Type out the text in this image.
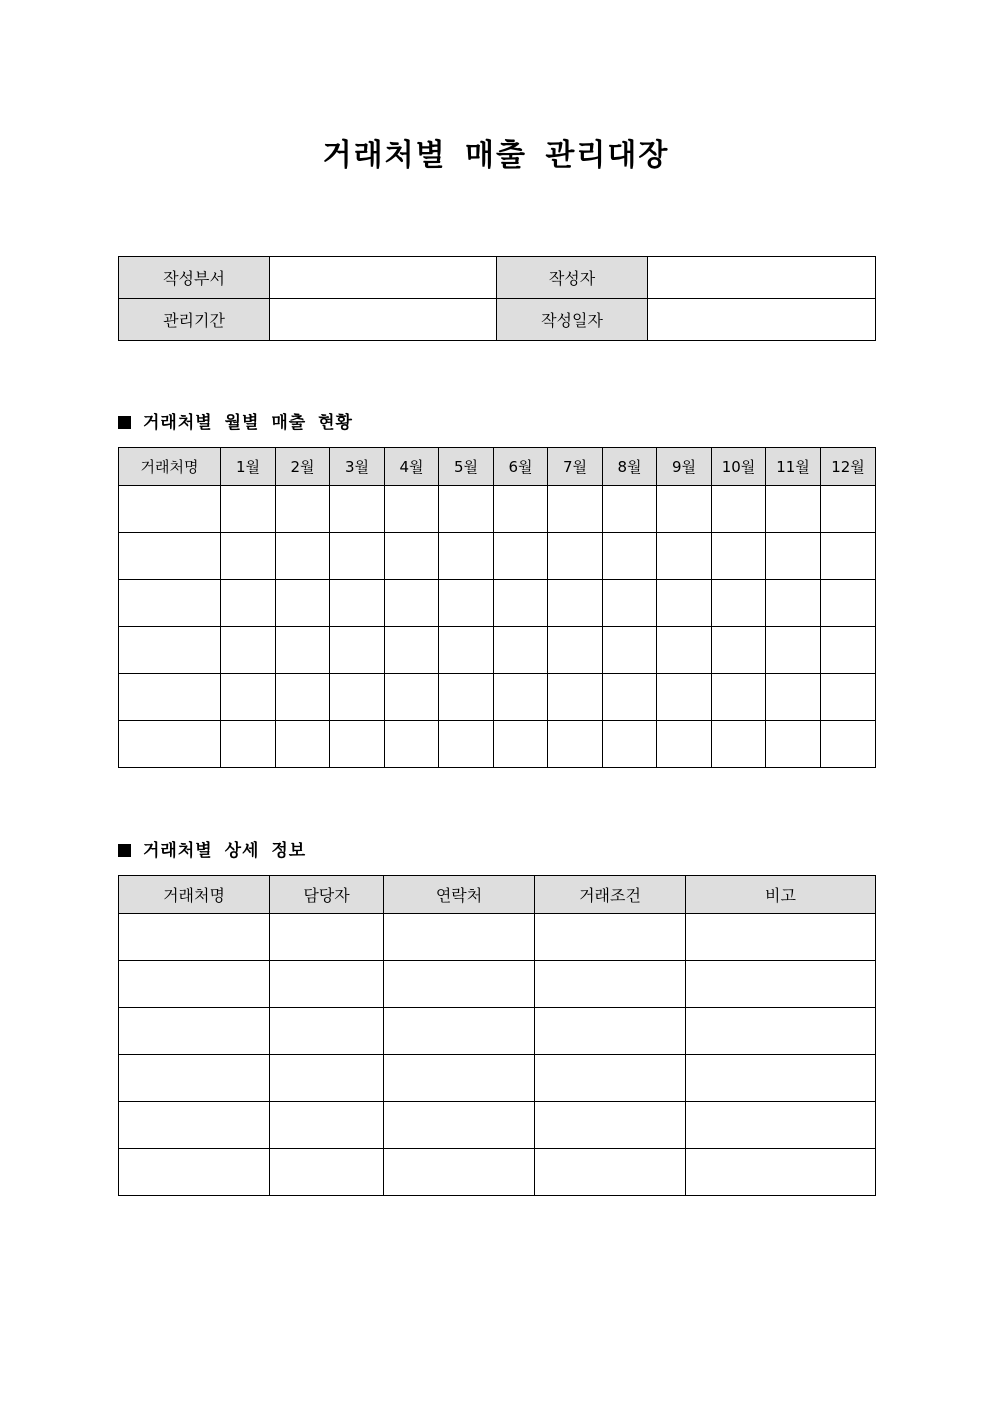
거래처별 매출 관리대장
작성부서		작성자	
관리기간		작성일자	
거래처별 월별 매출 현황
거래처명	1월	2월	3월	4월	5월	6월	7월	8월	9월	10월	11월	12월

거래처별 상세 정보
거래처명	담당자	연락처	거래조건	비고
